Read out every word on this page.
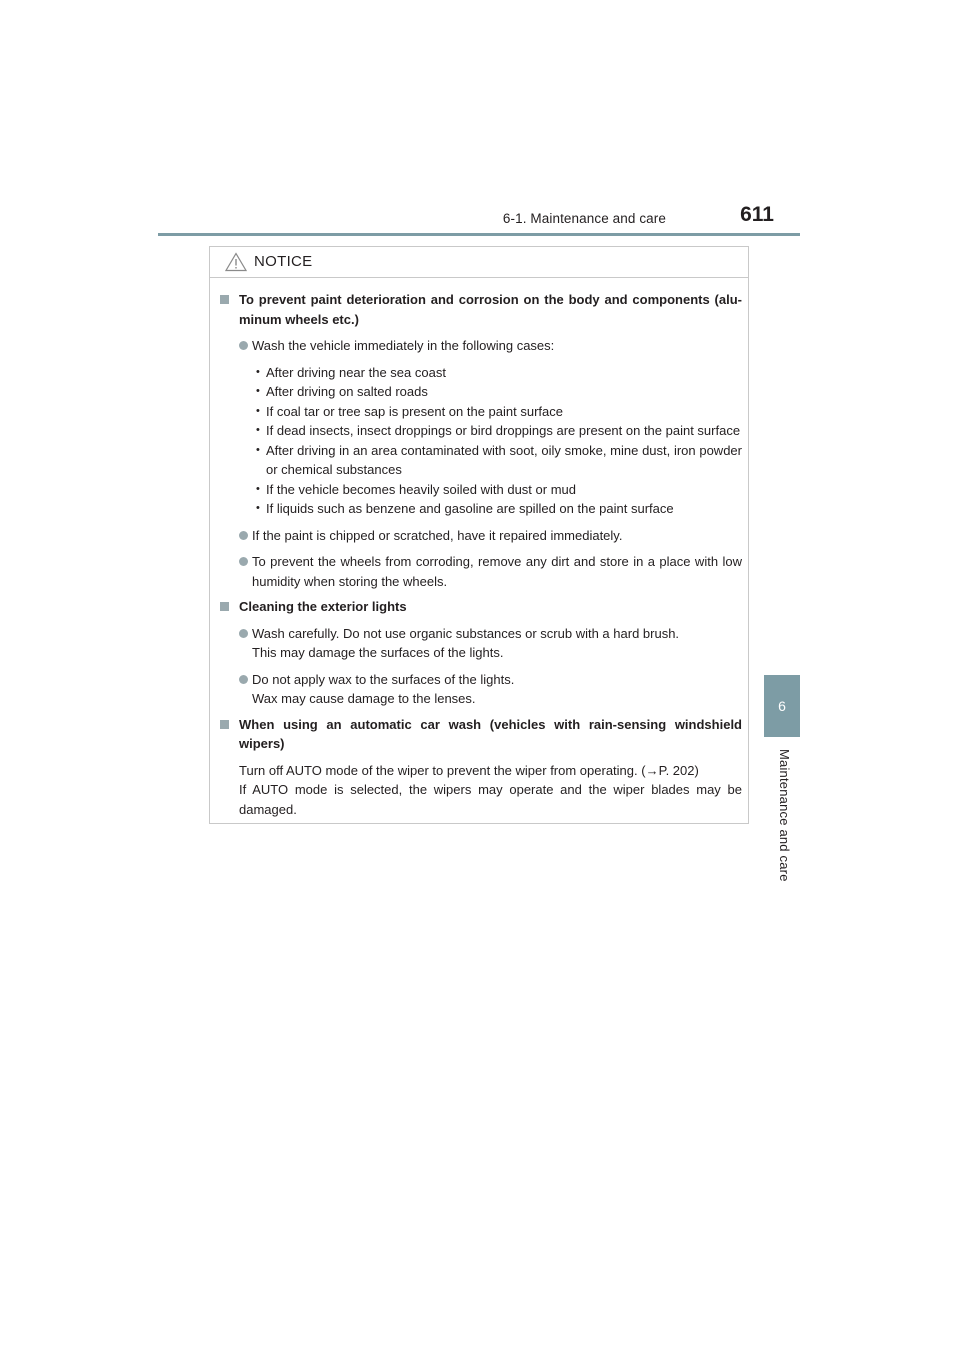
6-1. Maintenance and care	611
6
Maintenance and care
NOTICE
To prevent paint deterioration and corrosion on the body and components (alu-minum wheels etc.)
Wash the vehicle immediately in the following cases:
• After driving near the sea coast
• After driving on salted roads
• If coal tar or tree sap is present on the paint surface
• If dead insects, insect droppings or bird droppings are present on the paint surface
• After driving in an area contaminated with soot, oily smoke, mine dust, iron powder or chemical substances
• If the vehicle becomes heavily soiled with dust or mud
• If liquids such as benzene and gasoline are spilled on the paint surface
If the paint is chipped or scratched, have it repaired immediately.
To prevent the wheels from corroding, remove any dirt and store in a place with low humidity when storing the wheels.
Cleaning the exterior lights
Wash carefully. Do not use organic substances or scrub with a hard brush.
This may damage the surfaces of the lights.
Do not apply wax to the surfaces of the lights.
Wax may cause damage to the lenses.
When using an automatic car wash (vehicles with rain-sensing windshield wipers)
Turn off AUTO mode of the wiper to prevent the wiper from operating. (→P. 202)
If AUTO mode is selected, the wipers may operate and the wiper blades may be damaged.
